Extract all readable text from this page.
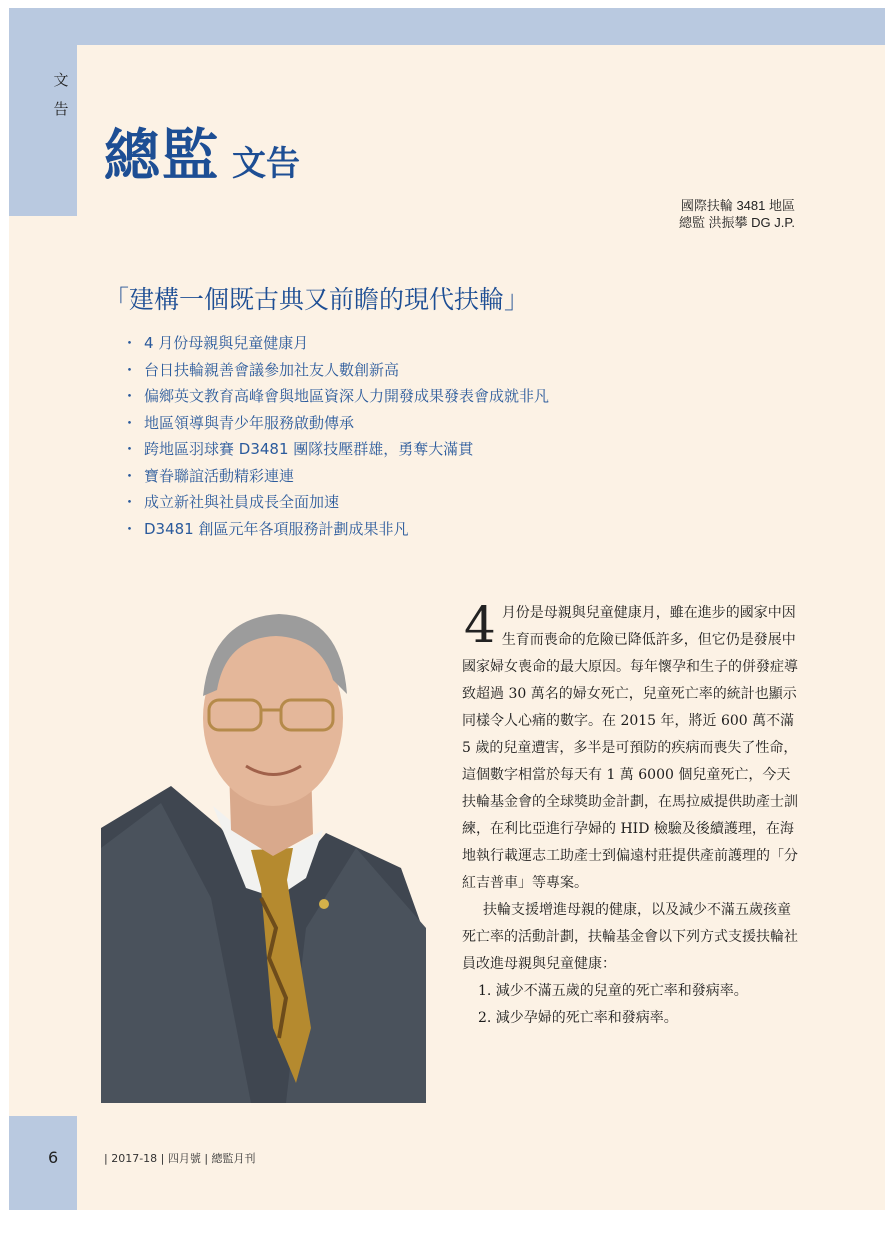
文
告
總監 文告
國際扶輪 3481 地區
總監 洪振攀 DG J.P.
「建構一個既古典又前瞻的現代扶輪」
・ 4 月份母親與兒童健康月
・ 台日扶輪親善會議參加社友人數創新高
・ 偏鄉英文教育高峰會與地區資深人力開發成果發表會成就非凡
・ 地區領導與青少年服務啟動傳承
・ 跨地區羽球賽 D3481 團隊技壓群雄，勇奪大滿貫
・ 寶眷聯誼活動精彩連連
・ 成立新社與社員成長全面加速
・ D3481 創區元年各項服務計劃成果非凡

4 月份是母親與兒童健康月，雖在進步的國家中因生育而喪命的危險已降低許多，但它仍是發展中國家婦女喪命的最大原因。每年懷孕和生子的併發症導致超過 30 萬名的婦女死亡，兒童死亡率的統計也顯示同樣令人心痛的數字。在 2015 年，將近 600 萬不滿 5 歲的兒童遭害，多半是可預防的疾病而喪失了性命，這個數字相當於每天有 1 萬 6000 個兒童死亡，今天扶輪基金會的全球獎助金計劃，在馬拉威提供助產士訓練，在利比亞進行孕婦的 HID 檢驗及後續護理，在海地執行載運志工助產士到偏遠村莊提供產前護理的「分紅吉普車」等專案。

扶輪支援增進母親的健康，以及減少不滿五歲孩童死亡率的活動計劃，扶輪基金會以下列方式支援扶輪社員改進母親與兒童健康：

1. 減少不滿五歲的兒童的死亡率和發病率。

2. 減少孕婦的死亡率和發病率。

6	| 2017-18 | 四月號 | 總監月刊
